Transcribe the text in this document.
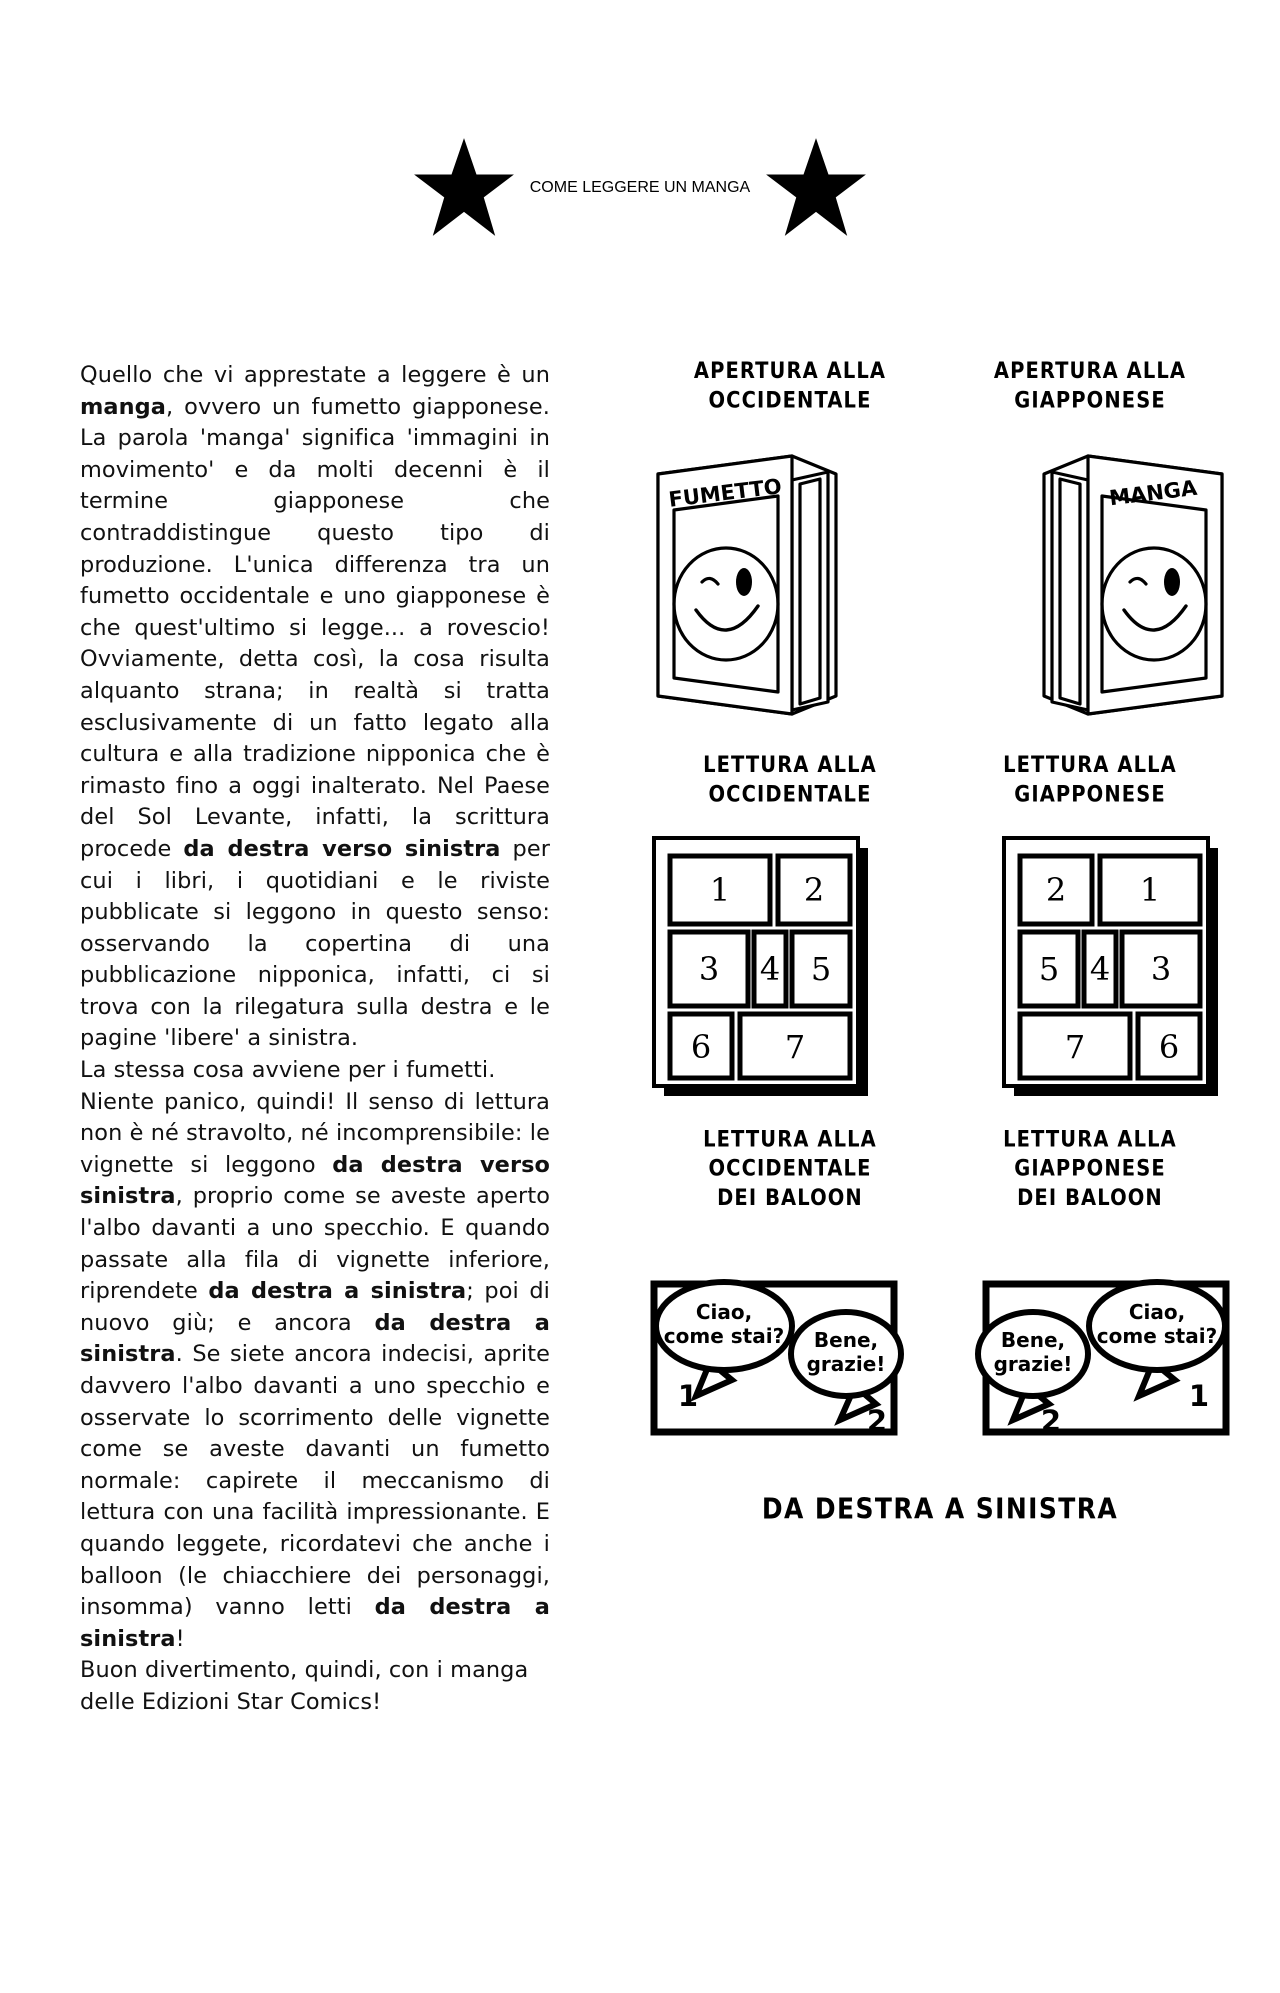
COME LEGGERE UN MANGA

Quello che vi apprestate a leggere è un manga, ovvero un fumetto giapponese. La parola 'manga' significa 'immagini in movimento' e da molti decenni è il termine giapponese che contraddistingue questo tipo di produzione. L'unica differenza tra un fumetto occidentale e uno giapponese è che quest'ultimo si legge... a rovescio! Ovviamente, detta così, la cosa risulta alquanto strana; in realtà si tratta esclusivamente di un fatto legato alla cultura e alla tradizione nipponica che è rimasto fino a oggi inalterato. Nel Paese del Sol Levante, infatti, la scrittura procede da destra verso sinistra per cui i libri, i quotidiani e le riviste pubblicate si leggono in questo senso: osservando la copertina di una pubblicazione nipponica, infatti, ci si trova con la rilegatura sulla destra e le pagine 'libere' a sinistra.

La stessa cosa avviene per i fumetti.

Niente panico, quindi! Il senso di lettura non è né stravolto, né incomprensibile: le vignette si leggono da destra verso sinistra, proprio come se aveste aperto l'albo davanti a uno specchio. E quando passate alla fila di vignette inferiore, riprendete da destra a sinistra; poi di nuovo giù; e ancora da destra a sinistra. Se siete ancora indecisi, aprite davvero l'albo davanti a uno specchio e osservate lo scorrimento delle vignette come se aveste davanti un fumetto normale: capirete il meccanismo di lettura con una facilità impressionante. E quando leggete, ricordatevi che anche i balloon (le chiacchiere dei personaggi, insomma) vanno letti da destra a sinistra!

Buon divertimento, quindi, con i manga delle Edizioni Star Comics!

APERTURA ALLA
OCCIDENTALE
APERTURA ALLA
GIAPPONESE
FUMETTO	MANGA
LETTURA ALLA
OCCIDENTALE
LETTURA ALLA
GIAPPONESE
1 2
3 4 5
6 7
2 1
5 4 3
7 6
LETTURA ALLA
OCCIDENTALE
DEI BALOON
LETTURA ALLA
GIAPPONESE
DEI BALOON
Bene,
grazie!
Ciao,
come stai?
1
2
Bene,
grazie!
Ciao,
come stai?
2
1
DA DESTRA A SINISTRA
